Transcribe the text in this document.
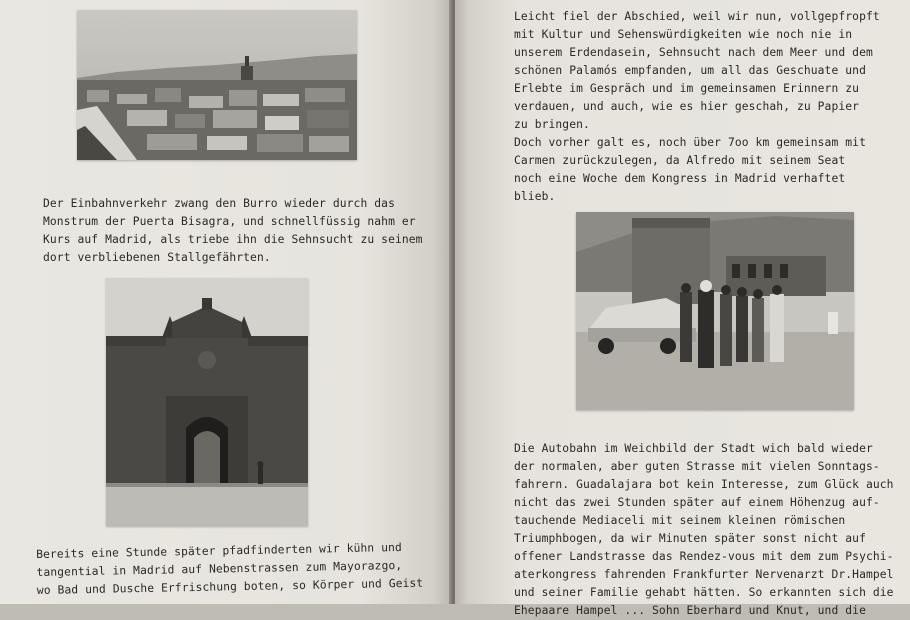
Der Einbahnverkehr zwang den Burro wieder durch das
Monstrum der Puerta Bisagra, und schnellfüssig nahm er
Kurs auf Madrid, als triebe ihn die Sehnsucht zu seinem
dort verbliebenen Stallgefährten.

Bereits eine Stunde später pfadfinderten wir kühn und
tangential in Madrid auf Nebenstrassen zum Mayorazgo,
wo Bad und Dusche Erfrischung boten, so Körper und Geist

Leicht fiel der Abschied, weil wir nun, vollgepfropft
mit Kultur und Sehenswürdigkeiten wie noch nie in
unserem Erdendasein, Sehnsucht nach dem Meer und dem
schönen Palamós empfanden, um all das Geschuate und
Erlebte im Gespräch und im gemeinsamen Erinnern zu
verdauen, und auch, wie es hier geschah, zu Papier
zu bringen.
Doch vorher galt es, noch über 7oo km gemeinsam mit
Carmen zurückzulegen, da Alfredo mit seinem Seat
noch eine Woche dem Kongress in Madrid verhaftet
blieb.

Die Autobahn im Weichbild der Stadt wich bald wieder
der normalen, aber guten Strasse mit vielen Sonntags-
fahrern. Guadalajara bot kein Interesse, zum Glück auch
nicht das zwei Stunden später auf einem Höhenzug auf-
tauchende Mediaceli mit seinem kleinen römischen
Triumphbogen, da wir Minuten später sonst nicht auf
offener Landstrasse das Rendez-vous mit dem zum Psychi-
aterkongress fahrenden Frankfurter Nervenarzt Dr.Hampel
und seiner Familie gehabt hätten. So erkannten sich die
Ehepaare Hampel ... Sohn Eberhard und Knut, und die
